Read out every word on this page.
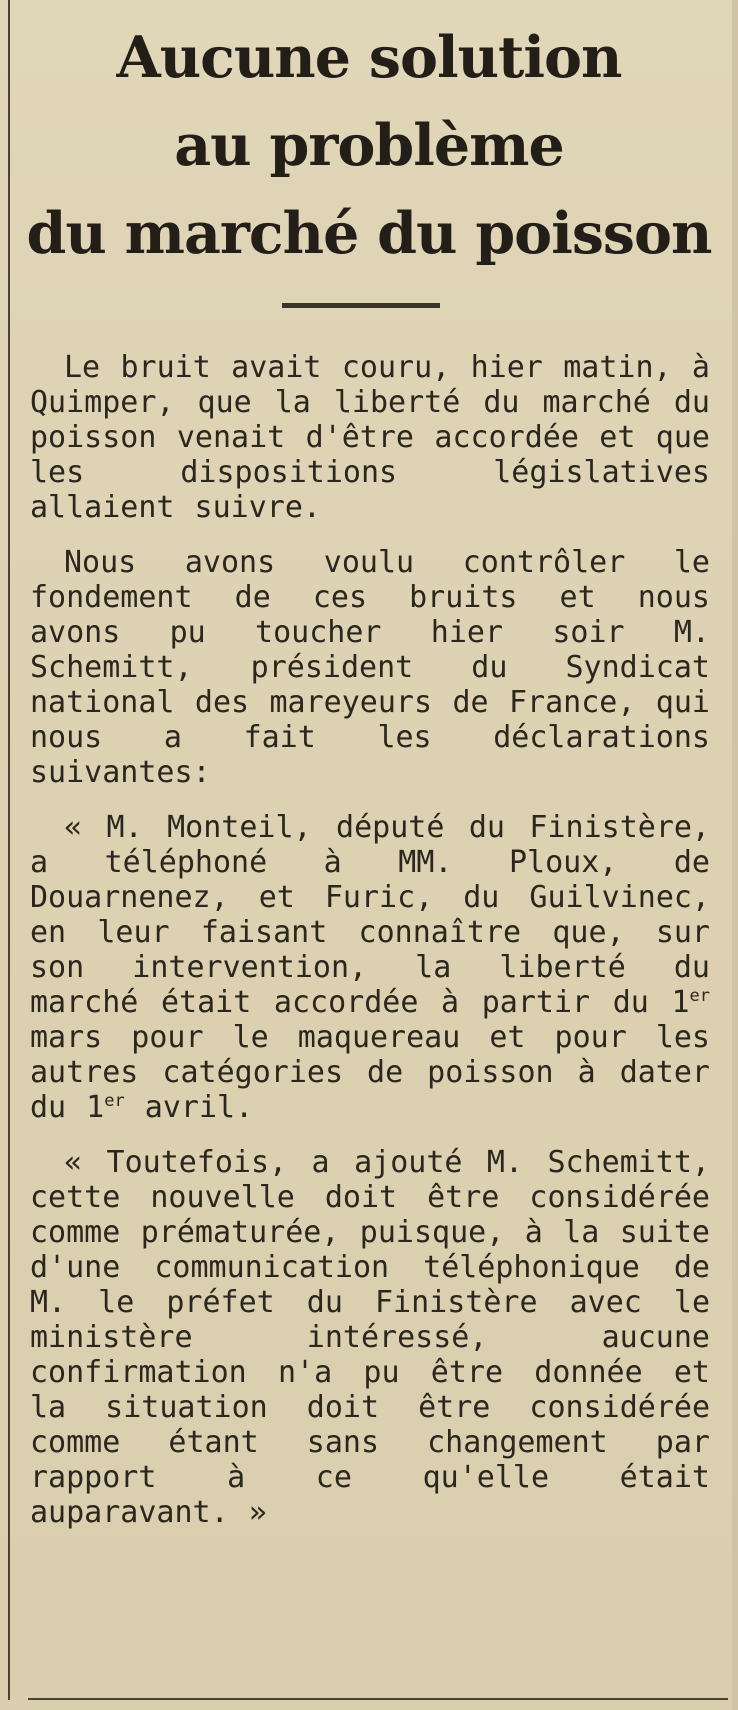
Aucune solution
au problème
du marché du poisson

Le bruit avait couru, hier matin, à Quimper, que la liberté du marché du poisson venait d'être accordée et que les dispositions législatives allaient suivre.

Nous avons voulu contrôler le fondement de ces bruits et nous avons pu toucher hier soir M. Schemitt, président du Syndicat national des mareyeurs de France, qui nous a fait les déclarations suivantes:

« M. Monteil, député du Finistère, a téléphoné à MM. Ploux, de Douarnenez, et Furic, du Guilvinec, en leur faisant connaître que, sur son intervention, la liberté du marché était accordée à partir du 1er mars pour le maquereau et pour les autres catégories de poisson à dater du 1er avril.

« Toutefois, a ajouté M. Schemitt, cette nouvelle doit être considérée comme prématurée, puisque, à la suite d'une communication téléphonique de M. le préfet du Finistère avec le ministère intéressé, aucune confirmation n'a pu être donnée et la situation doit être considérée comme étant sans changement par rapport à ce qu'elle était auparavant. »
